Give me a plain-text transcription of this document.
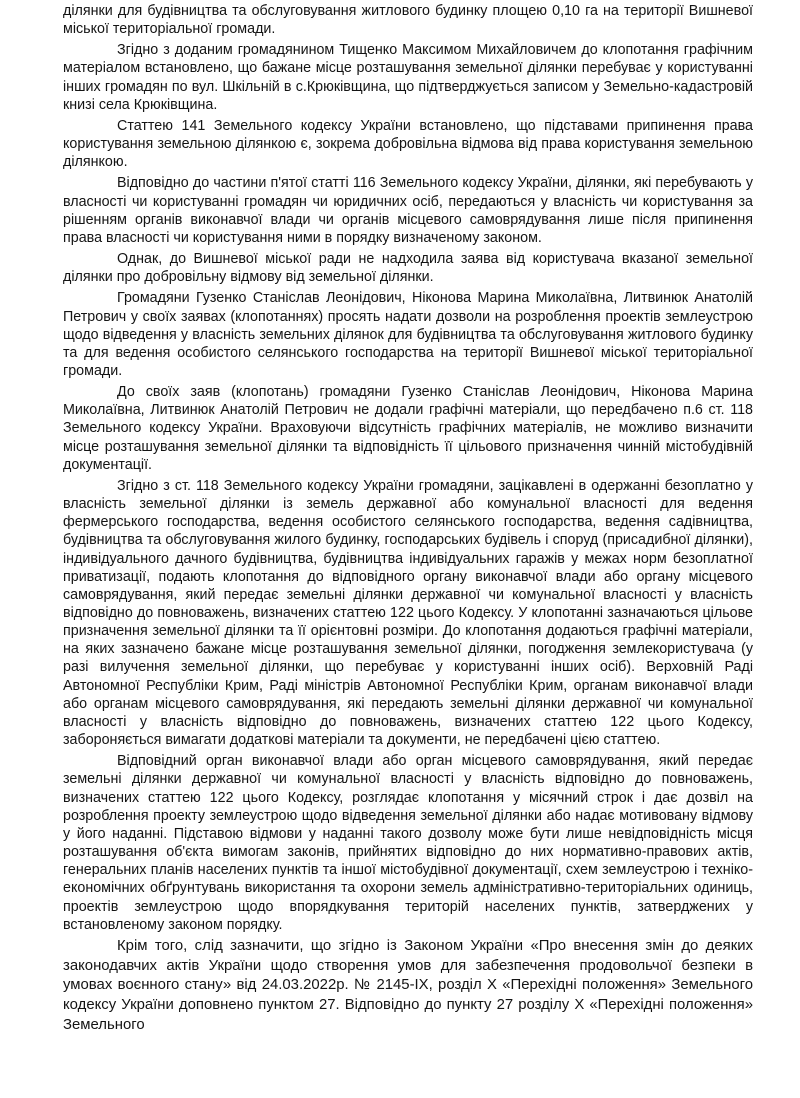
ділянки для будівництва та обслуговування житлового будинку площею 0,10 га на території Вишневої міської територіальної громади.

Згідно з доданим громадянином Тищенко Максимом Михайловичем до клопотання графічним матеріалом встановлено, що бажане місце розташування земельної ділянки перебуває у користуванні інших громадян по вул. Шкільній в с.Крюківщина, що підтверджується записом у Земельно-кадастровій книзі села Крюківщина.

Статтею 141 Земельного кодексу України встановлено, що підставами припинення права користування земельною ділянкою є, зокрема добровільна відмова від права користування земельною ділянкою.

Відповідно до частини п'ятої статті 116 Земельного кодексу України, ділянки, які перебувають у власності чи користуванні громадян чи юридичних осіб, передаються у власність чи користування за рішенням органів виконавчої влади чи органів місцевого самоврядування лише після припинення права власності чи користування ними в порядку визначеному законом.

Однак, до Вишневої міської ради не надходила заява від користувача вказаної земельної ділянки про добровільну відмову від земельної ділянки.

Громадяни Гузенко Станіслав Леонідович, Ніконова Марина Миколаївна, Литвинюк Анатолій Петрович у своїх заявах (клопотаннях) просять надати дозволи на розроблення проектів землеустрою щодо відведення у власність земельних ділянок для будівництва та обслуговування житлового будинку та для ведення особистого селянського господарства на території Вишневої міської територіальної громади.

До своїх заяв (клопотань) громадяни Гузенко Станіслав Леонідович, Ніконова Марина Миколаївна, Литвинюк Анатолій Петрович не додали графічні матеріали, що передбачено п.6 ст. 118 Земельного кодексу України. Враховуючи відсутність графічних матеріалів, не можливо визначити місце розташування земельної ділянки та відповідність її цільового призначення чинній містобудівній документації.

Згідно з ст. 118 Земельного кодексу України громадяни, зацікавлені в одержанні безоплатно у власність земельної ділянки із земель державної або комунальної власності для ведення фермерського господарства, ведення особистого селянського господарства, ведення садівництва, будівництва та обслуговування жилого будинку, господарських будівель і споруд (присадибної ділянки), індивідуального дачного будівництва, будівництва індивідуальних гаражів у межах норм безоплатної приватизації, подають клопотання до відповідного органу виконавчої влади або органу місцевого самоврядування, який передає земельні ділянки державної чи комунальної власності у власність відповідно до повноважень, визначених статтею 122 цього Кодексу. У клопотанні зазначаються цільове призначення земельної ділянки та її орієнтовні розміри. До клопотання додаються графічні матеріали, на яких зазначено бажане місце розташування земельної ділянки, погодження землекористувача (у разі вилучення земельної ділянки, що перебуває у користуванні інших осіб). Верховній Раді Автономної Республіки Крим, Раді міністрів Автономної Республіки Крим, органам виконавчої влади або органам місцевого самоврядування, які передають земельні ділянки державної чи комунальної власності у власність відповідно до повноважень, визначених статтею 122 цього Кодексу, забороняється вимагати додаткові матеріали та документи, не передбачені цією статтею.

Відповідний орган виконавчої влади або орган місцевого самоврядування, який передає земельні ділянки державної чи комунальної власності у власність відповідно до повноважень, визначених статтею 122 цього Кодексу, розглядає клопотання у місячний строк і дає дозвіл на розроблення проекту землеустрою щодо відведення земельної ділянки або надає мотивовану відмову у його наданні. Підставою відмови у наданні такого дозволу може бути лише невідповідність місця розташування об'єкта вимогам законів, прийнятих відповідно до них нормативно-правових актів, генеральних планів населених пунктів та іншої містобудівної документації, схем землеустрою і техніко-економічних обґрунтувань використання та охорони земель адміністративно-територіальних одиниць, проектів землеустрою щодо впорядкування територій населених пунктів, затверджених у встановленому законом порядку.

Крім того, слід зазначити, що згідно із Законом України «Про внесення змін до деяких законодавчих актів України щодо створення умов для забезпечення продовольчої безпеки в умовах воєнного стану» від 24.03.2022р. № 2145-IX, розділ X «Перехідні положення» Земельного кодексу України доповнено пунктом 27. Відповідно до пункту 27 розділу X «Перехідні положення» Земельного
